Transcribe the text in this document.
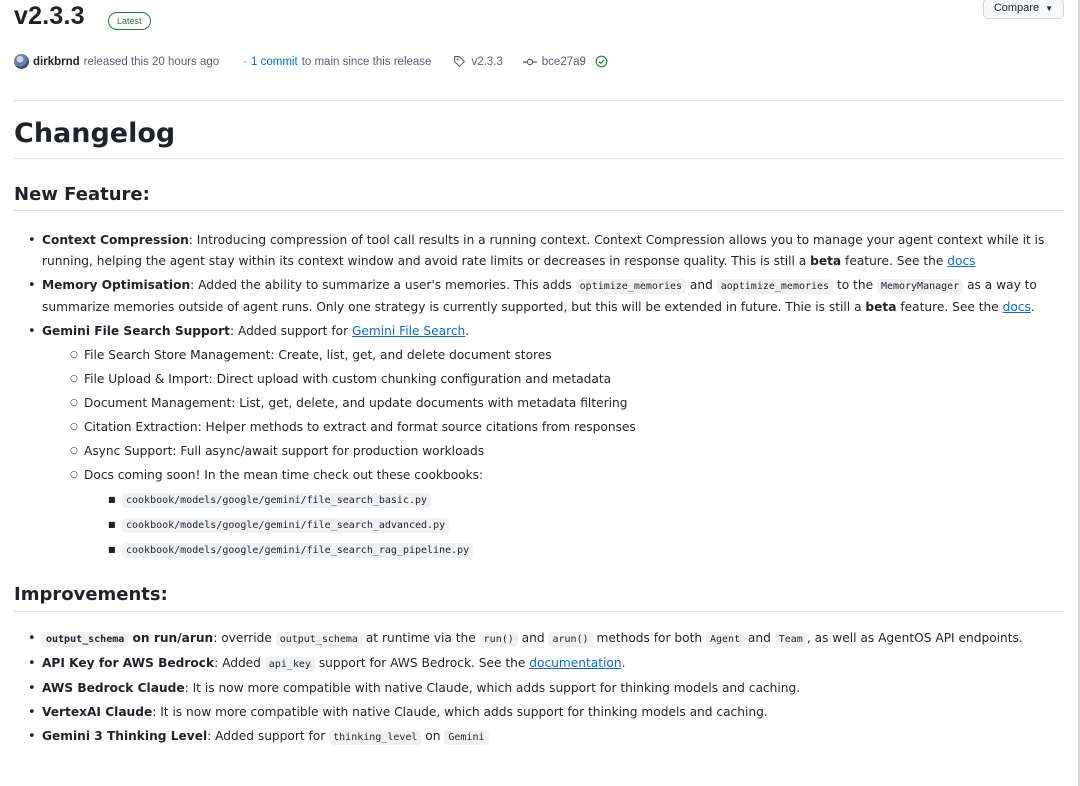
v2.3.3	Latest
Compare ▼
dirkbrnd released this 20 hours ago · 1 commit to main since this release	v2.3.3	bce27a9
Changelog
New Feature:
• Context Compression: Introducing compression of tool call results in a running context. Context Compression allows you to manage your agent context while it is running, helping the agent stay within its context window and avoid rate limits or decreases in response quality. This is still a beta feature. See the docs
• Memory Optimisation: Added the ability to summarize a user's memories. This adds optimize_memories and aoptimize_memories to the MemoryManager as a way to summarize memories outside of agent runs. Only one strategy is currently supported, but this will be extended in future. Thie is still a beta feature. See the docs.
• Gemini File Search Support: Added support for Gemini File Search.
○ File Search Store Management: Create, list, get, and delete document stores
○ File Upload & Import: Direct upload with custom chunking configuration and metadata
○ Document Management: List, get, delete, and update documents with metadata filtering
○ Citation Extraction: Helper methods to extract and format source citations from responses
○ Async Support: Full async/await support for production workloads
○ Docs coming soon! In the mean time check out these cookbooks:
■ cookbook/models/google/gemini/file_search_basic.py
■ cookbook/models/google/gemini/file_search_advanced.py
■ cookbook/models/google/gemini/file_search_rag_pipeline.py
Improvements:
• output_schema on run/arun: override output_schema at runtime via the run() and arun() methods for both Agent and Team , as well as AgentOS API endpoints.
• API Key for AWS Bedrock: Added api_key support for AWS Bedrock. See the documentation.
• AWS Bedrock Claude: It is now more compatible with native Claude, which adds support for thinking models and caching.
• VertexAI Claude: It is now more compatible with native Claude, which adds support for thinking models and caching.
• Gemini 3 Thinking Level: Added support for thinking_level on Gemini
